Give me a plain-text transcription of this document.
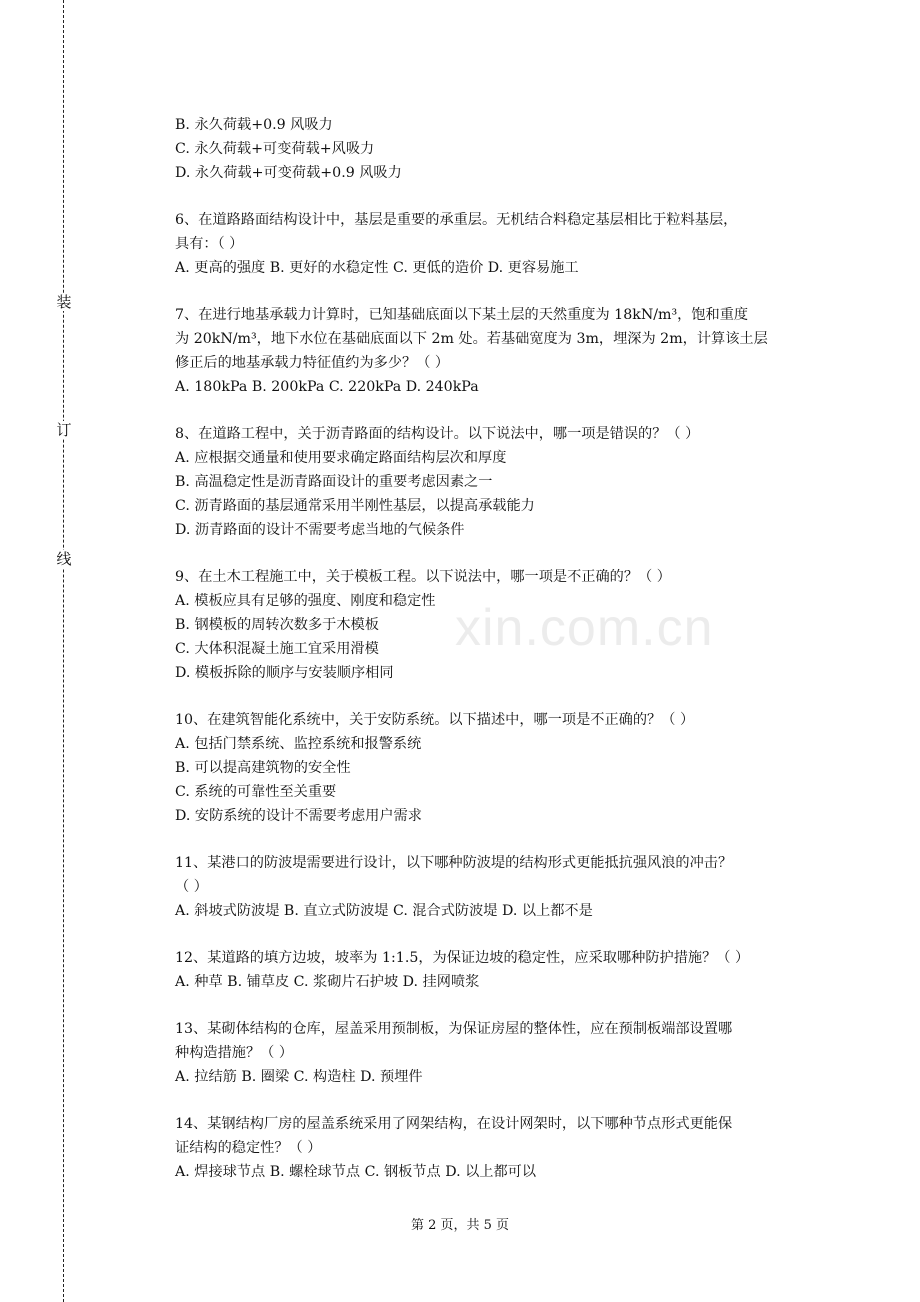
装
订
线
xin.com.cn
B. 永久荷载+0.9 风吸力
C. 永久荷载+可变荷载+风吸力
D. 永久荷载+可变荷载+0.9 风吸力
6、在道路路面结构设计中，基层是重要的承重层。无机结合料稳定基层相比于粒料基层，
具有：（ ）
A. 更高的强度 B. 更好的水稳定性 C. 更低的造价 D. 更容易施工
7、在进行地基承载力计算时，已知基础底面以下某土层的天然重度为 18kN/m³，饱和重度
为 20kN/m³，地下水位在基础底面以下 2m 处。若基础宽度为 3m，埋深为 2m，计算该土层
修正后的地基承载力特征值约为多少？（ ）
A. 180kPa B. 200kPa C. 220kPa D. 240kPa
8、在道路工程中，关于沥青路面的结构设计。以下说法中，哪一项是错误的？（ ）
A. 应根据交通量和使用要求确定路面结构层次和厚度
B. 高温稳定性是沥青路面设计的重要考虑因素之一
C. 沥青路面的基层通常采用半刚性基层，以提高承载能力
D. 沥青路面的设计不需要考虑当地的气候条件
9、在土木工程施工中，关于模板工程。以下说法中，哪一项是不正确的？（ ）
A. 模板应具有足够的强度、刚度和稳定性
B. 钢模板的周转次数多于木模板
C. 大体积混凝土施工宜采用滑模
D. 模板拆除的顺序与安装顺序相同
10、在建筑智能化系统中，关于安防系统。以下描述中，哪一项是不正确的？（ ）
A. 包括门禁系统、监控系统和报警系统
B. 可以提高建筑物的安全性
C. 系统的可靠性至关重要
D. 安防系统的设计不需要考虑用户需求
11、某港口的防波堤需要进行设计，以下哪种防波堤的结构形式更能抵抗强风浪的冲击？
（ ）
A. 斜坡式防波堤 B. 直立式防波堤 C. 混合式防波堤 D. 以上都不是
12、某道路的填方边坡，坡率为 1:1.5，为保证边坡的稳定性，应采取哪种防护措施？（ ）
A. 种草 B. 铺草皮 C. 浆砌片石护坡 D. 挂网喷浆
13、某砌体结构的仓库，屋盖采用预制板，为保证房屋的整体性，应在预制板端部设置哪
种构造措施？（ ）
A. 拉结筋 B. 圈梁 C. 构造柱 D. 预埋件
14、某钢结构厂房的屋盖系统采用了网架结构，在设计网架时，以下哪种节点形式更能保
证结构的稳定性？（ ）
A. 焊接球节点 B. 螺栓球节点 C. 钢板节点 D. 以上都可以
第 2 页，共 5 页
